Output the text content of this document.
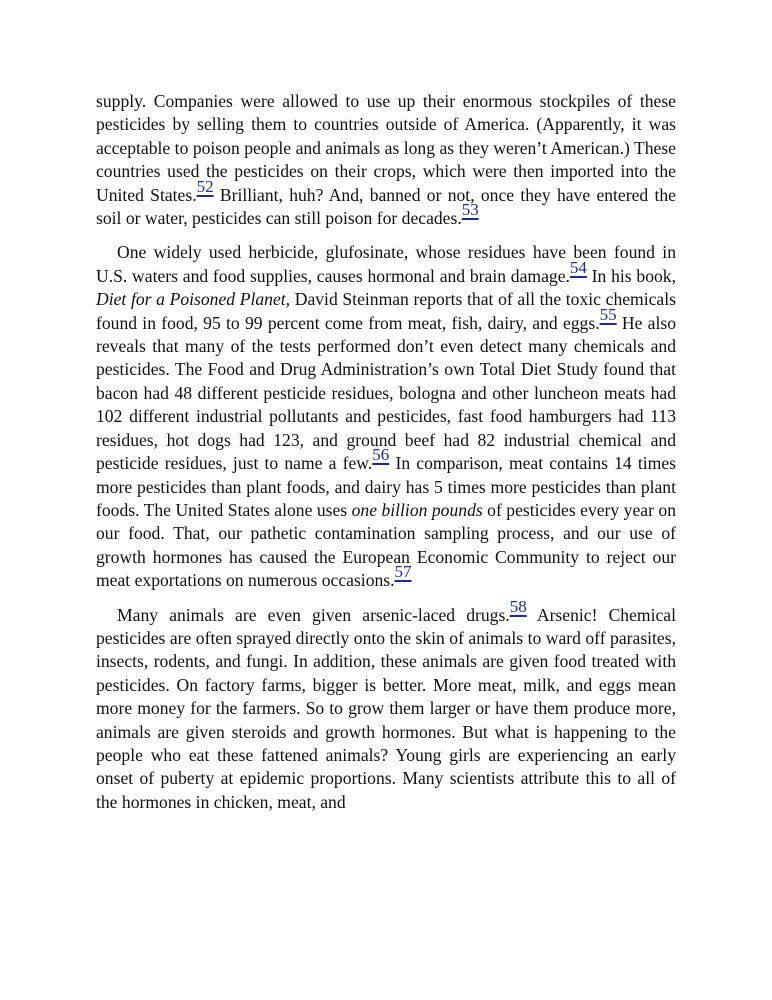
supply. Companies were allowed to use up their enormous stockpiles of these pesticides by selling them to countries outside of America. (Apparently, it was acceptable to poison people and animals as long as they weren’t American.) These countries used the pesticides on their crops, which were then imported into the United States.52 Brilliant, huh? And, banned or not, once they have entered the soil or water, pesticides can still poison for decades.53

One widely used herbicide, glufosinate, whose residues have been found in U.S. waters and food supplies, causes hormonal and brain damage.54 In his book, Diet for a Poisoned Planet, David Steinman reports that of all the toxic chemicals found in food, 95 to 99 percent come from meat, fish, dairy, and eggs.55 He also reveals that many of the tests performed don’t even detect many chemicals and pesticides. The Food and Drug Administration’s own Total Diet Study found that bacon had 48 different pesticide residues, bologna and other luncheon meats had 102 different industrial pollutants and pesticides, fast food hamburgers had 113 residues, hot dogs had 123, and ground beef had 82 industrial chemical and pesticide residues, just to name a few.56 In comparison, meat contains 14 times more pesticides than plant foods, and dairy has 5 times more pesticides than plant foods. The United States alone uses one billion pounds of pesticides every year on our food. That, our pathetic contamination sampling process, and our use of growth hormones has caused the European Economic Community to reject our meat exportations on numerous occasions.57

Many animals are even given arsenic-laced drugs.58 Arsenic! Chemical pesticides are often sprayed directly onto the skin of animals to ward off parasites, insects, rodents, and fungi. In addition, these animals are given food treated with pesticides. On factory farms, bigger is better. More meat, milk, and eggs mean more money for the farmers. So to grow them larger or have them produce more, animals are given steroids and growth hormones. But what is happening to the people who eat these fattened animals? Young girls are experiencing an early onset of puberty at epidemic proportions. Many scientists attribute this to all of the hormones in chicken, meat, and
